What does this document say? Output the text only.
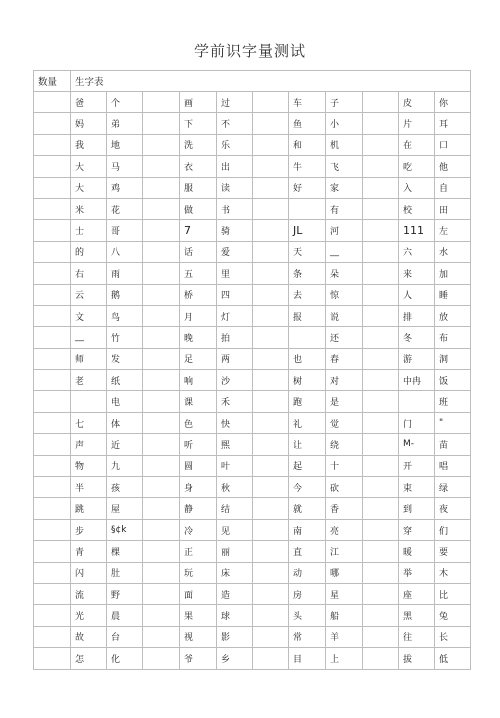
学前识字量测试
数量	生字表										
	爸	个		画	过		车	子		皮	你
	妈	弟		下	不		鱼	小		片	耳
	我	地		洗	乐		和	机		在	口
	大	马		衣	出		牛	飞		吃	他
	大	鸡		服	读		好	家		入	自
	米	花		做	书			有		校	田
	士	哥		7	骑		JL	河		111	左
	的	八		话	爱		天	__		六	水
	右	雨		五	里		条	朵		来	加
	云	鹅		桥	四		去	惊		人	睡
	文	鸟		月	灯		报	说		排	放
	__	竹		晚	拍			还		冬	布
	师	发		足	两		也	春		游	洞
	老	纸		响	沙		树	对		中冉	饭
		电		课	禾		跑	是			班
	七	体		色	快		礼	觉		门	"
	声	近		听	煕		让	绕		M-	苗
	物	九		圆	叶		起	十		开	唱
	半	孩		身	秋		今	砍		束	绿
	跳	屋		静	结		就	香		到	夜
	步	§¢k		冷	见		南	亮		穿	们
	青	棵		正	丽		直	江		暖	要
	闪	肚		玩	床		动	哪		举	木
	流	野		面	造		房	星		座	比
	光	晨		果	球		头	船		黑	兔
	故	台		视	影		常	羊		往	长
	怎	化		爷	乡		目	上		拔	低
